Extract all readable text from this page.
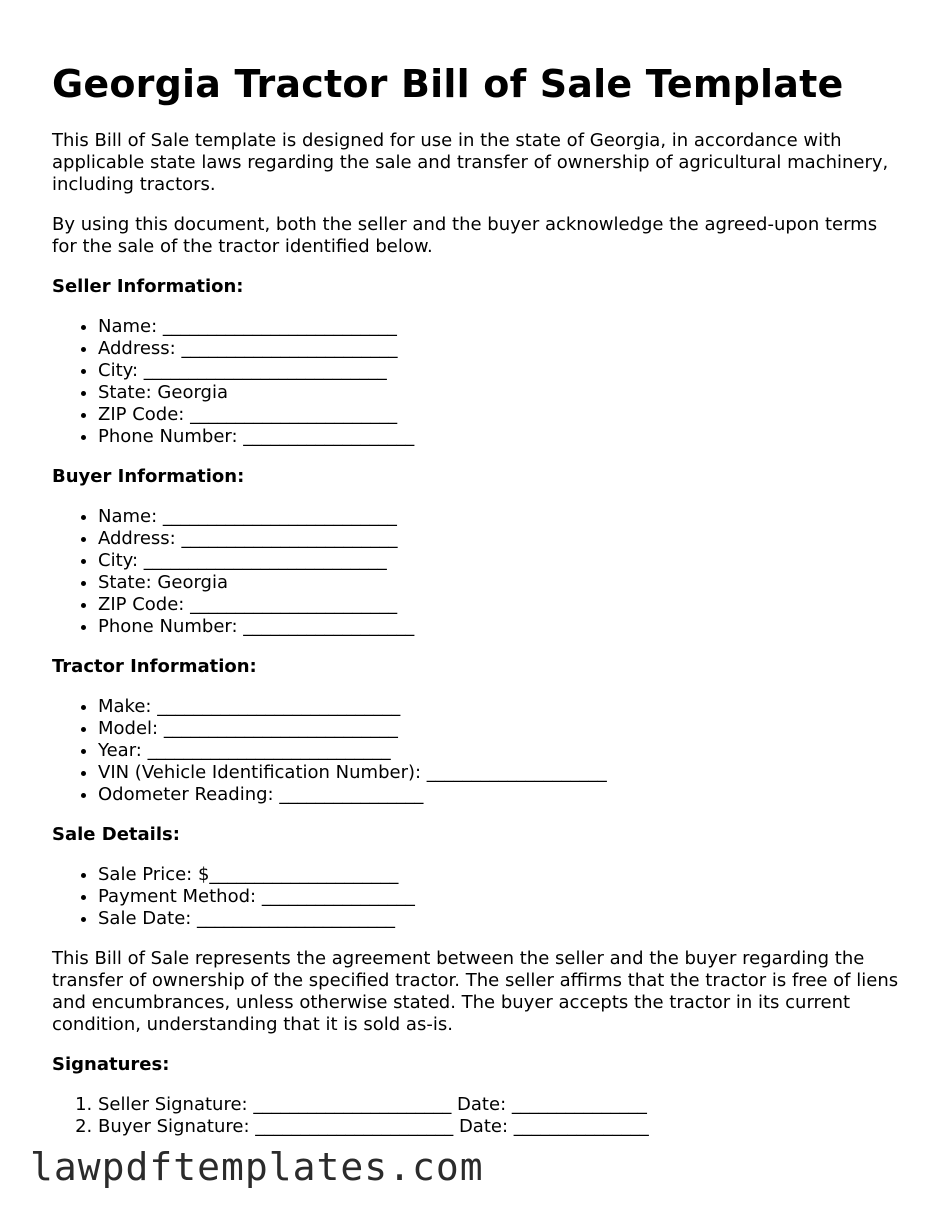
Georgia Tractor Bill of Sale Template

This Bill of Sale template is designed for use in the state of Georgia, in accordance with applicable state laws regarding the sale and transfer of ownership of agricultural machinery, including tractors.

By using this document, both the seller and the buyer acknowledge the agreed-upon terms for the sale of the tractor identified below.

Seller Information:
• Name: __________________________
• Address: ________________________
• City: ___________________________
• State: Georgia
• ZIP Code: _______________________
• Phone Number: ___________________
Buyer Information:
• Name: __________________________
• Address: ________________________
• City: ___________________________
• State: Georgia
• ZIP Code: _______________________
• Phone Number: ___________________
Tractor Information:
• Make: ___________________________
• Model: __________________________
• Year: ___________________________
• VIN (Vehicle Identification Number): ____________________
• Odometer Reading: ________________
Sale Details:
• Sale Price: $_____________________
• Payment Method: _________________
• Sale Date: ______________________

This Bill of Sale represents the agreement between the seller and the buyer regarding the transfer of ownership of the specified tractor. The seller affirms that the tractor is free of liens and encumbrances, unless otherwise stated. The buyer accepts the tractor in its current condition, understanding that it is sold as-is.

Signatures:
1. Seller Signature: ______________________ Date: _______________
2. Buyer Signature: ______________________ Date: _______________
lawpdftemplates.com
